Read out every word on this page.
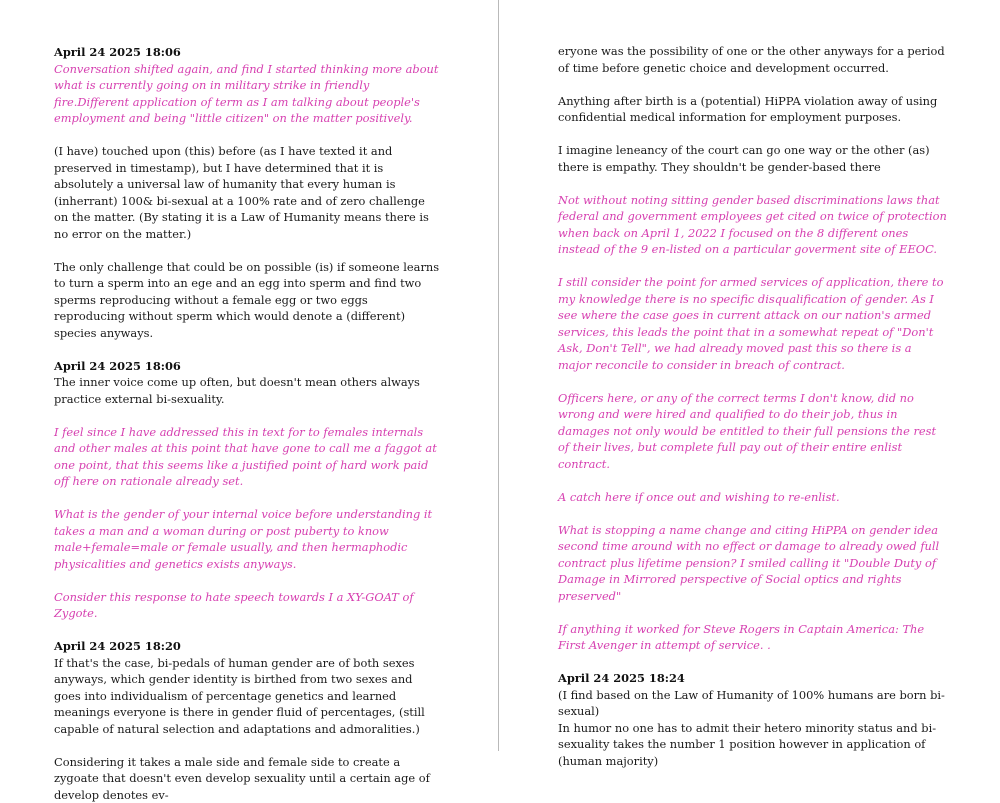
April 24 2025 18:06
Conversation shifted again, and find I started thinking more about what is currently going on in military strike in friendly fire.Different application of term as I am talking about people's employment and being "little citizen" on the matter positively.
(I have) touched upon (this) before (as I have texted it and preserved in timestamp), but I have determined that it is absolutely a universal law of humanity that every human is (inherrant) 100& bi-sexual at a 100% rate and of zero challenge on the matter. (By stating it is a Law of Humanity means there is no error on the matter.)
The only challenge that could be on possible (is) if someone learns to turn a sperm into an ege and an egg into sperm and find two sperms reproducing without a female egg or two eggs reproducing without sperm which would denote a (different) species anyways.
April 24 2025 18:06
The inner voice come up often, but doesn't mean others always practice external bi-sexuality.
I feel since I have addressed this in text for to females internals and other males at this point that have gone to call me a faggot at one point, that this seems like a justified point of hard work paid off here on rationale already set.
What is the gender of your internal voice before understanding it takes a man and a woman during or post puberty to know male+female=male or female usually, and then hermaphodic physicalities and genetics exists anyways.
Consider this response to hate speech towards I a XY-GOAT of Zygote.
April 24 2025 18:20
If that's the case, bi-pedals of human gender are of both sexes anyways, which gender identity is birthed from two sexes and goes into individualism of percentage genetics and learned meanings everyone is there in gender fluid of percentages, (still capable of natural selection and adaptations and admoralities.)
Considering it takes a male side and female side to create a zygoate that doesn't even develop sexuality until a certain age of develop denotes ev-
eryone was the possibility of one or the other anyways for a period of time before genetic choice and development occurred.
Anything after birth is a (potential) HiPPA violation away of using confidential medical information for employment purposes.
I imagine leneancy of the court can go one way or the other (as) there is empathy. They shouldn't be gender-based there
Not without noting sitting gender based discriminations laws that federal and government employees get cited on twice of protection when back on April 1, 2022 I focused on the 8 different ones instead of the 9 en-listed on a particular goverment site of EEOC.
I still consider the point for armed services of application, there to my knowledge there is no specific disqualification of gender. As I see where the case goes in current attack on our nation's armed services, this leads the point that in a somewhat repeat of "Don't Ask, Don't Tell", we had already moved past this so there is a major reconcile to consider in breach of contract.
Officers here, or any of the correct terms I don't know, did no wrong and were hired and qualified to do their job, thus in damages not only would be entitled to their full pensions the rest of their lives, but complete full pay out of their entire enlist contract.
A catch here if once out and wishing to re-enlist.
What is stopping a name change and citing HiPPA on gender idea second time around with no effect or damage to already owed full contract plus lifetime pension? I smiled calling it "Double Duty of Damage in Mirrored perspective of Social optics and rights preserved"
If anything it worked for Steve Rogers in Captain America: The First Avenger in attempt of service. .
April 24 2025 18:24
(I find based on the Law of Humanity of 100% humans are born bi-sexual)
In humor no one has to admit their hetero minority status and bi-sexuality takes the number 1 position however in application of (human majority)
